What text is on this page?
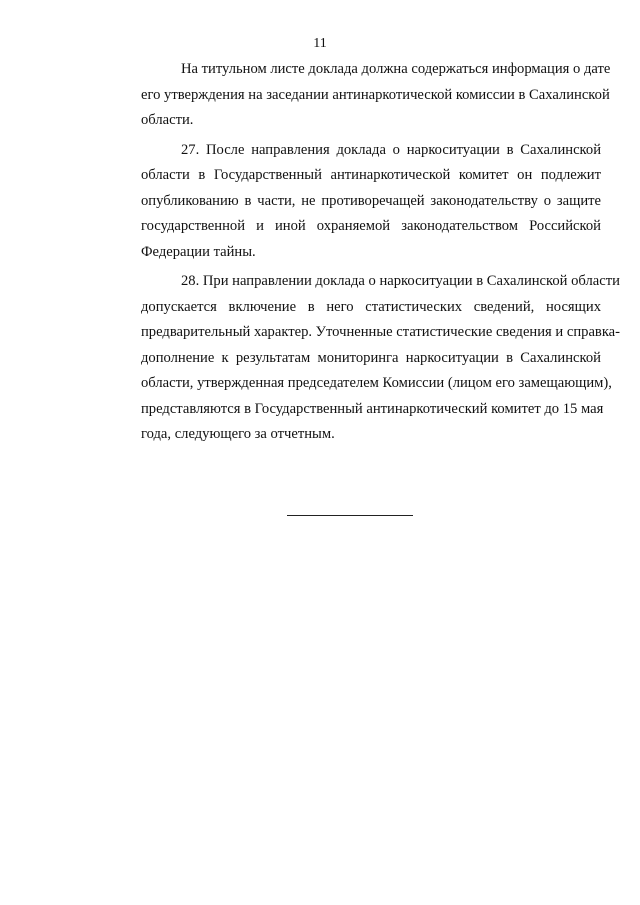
11
На титульном листе доклада должна содержаться информация о дате
его утверждения на заседании антинаркотической комиссии в Сахалинской
области.
27. После направления доклада о наркоситуации в Сахалинской
области в Государственный антинаркотической комитет он подлежит
опубликованию в части, не противоречащей законодательству о защите
государственной и иной охраняемой законодательством Российской
Федерации тайны.
28. При направлении доклада о наркоситуации в Сахалинской области
допускается включение в него статистических сведений, носящих
предварительный характер. Уточненные статистические сведения и справка-
дополнение к результатам мониторинга наркоситуации в Сахалинской
области, утвержденная председателем Комиссии (лицом его замещающим),
представляются в Государственный антинаркотический комитет до 15 мая
года, следующего за отчетным.
